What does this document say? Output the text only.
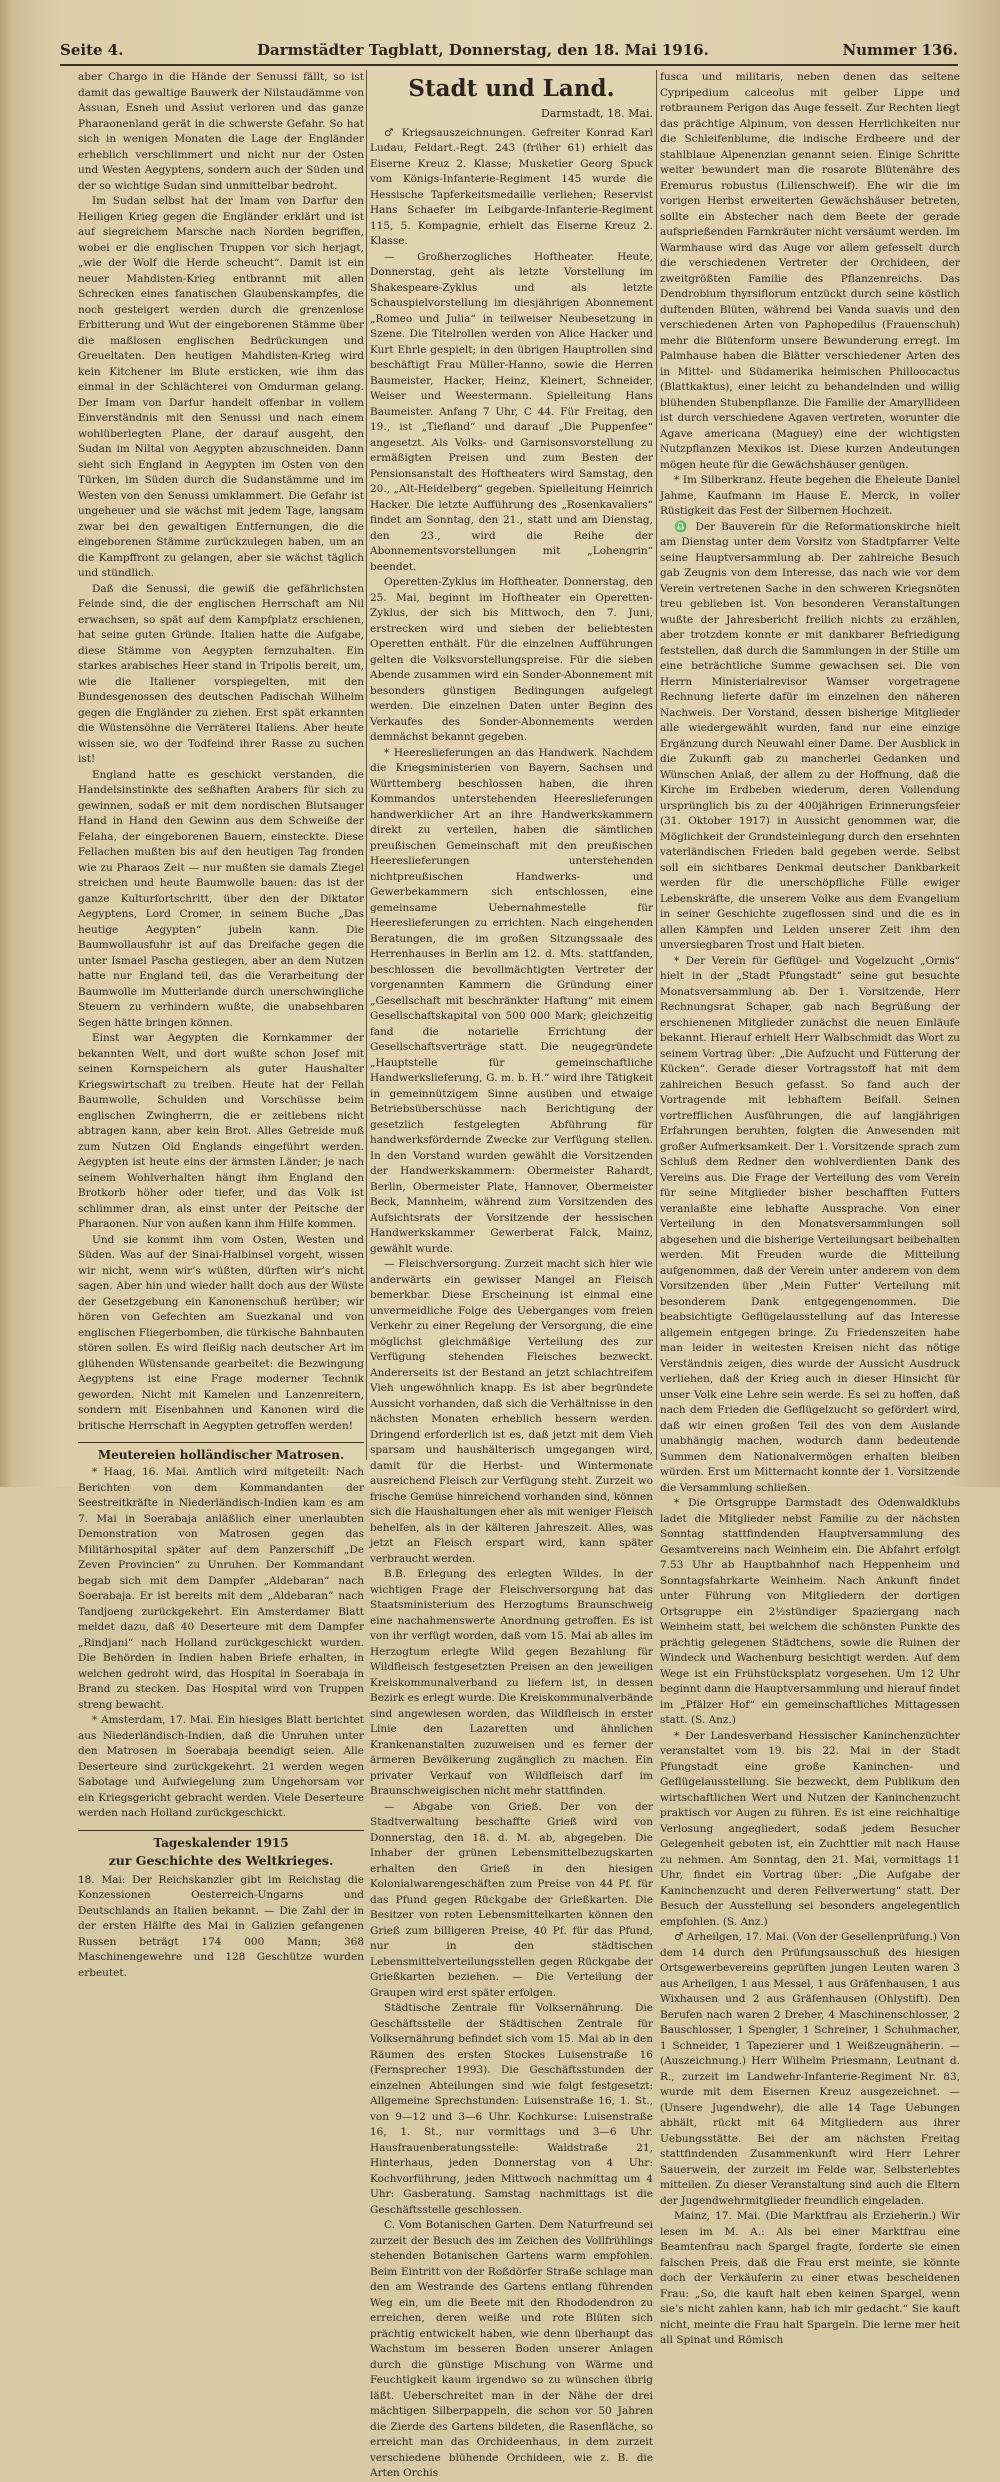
Seite 4.	Darmstädter Tagblatt, Donnerstag, den 18. Mai 1916.	Nummer 136.

aber Chargo in die Hände der Senussi fällt, so ist damit das gewaltige Bauwerk der Nilstaudämme von Assuan, Esneh und Assiut verloren und das ganze Pharaonenland gerät in die schwerste Gefahr. So hat sich in wenigen Monaten die Lage der Engländer erheblich verschlimmert und nicht nur der Osten und Westen Aegyptens, sondern auch der Süden und der so wichtige Sudan sind unmittelbar bedroht.

Im Sudan selbst hat der Imam von Darfur den Heiligen Krieg gegen die Engländer erklärt und ist auf siegreichem Marsche nach Norden begriffen, wobei er die englischen Truppen vor sich herjagt, „wie der Wolf die Herde scheucht“. Damit ist ein neuer Mahdisten-Krieg entbrannt mit allen Schrecken eines fanatischen Glaubenskampfes, die noch gesteigert werden durch die grenzenlose Erbitterung und Wut der eingeborenen Stämme über die maßlosen englischen Bedrückungen und Greueltaten. Den heutigen Mahdisten-Krieg wird kein Kitchener im Blute ersticken, wie ihm das einmal in der Schlächterei von Omdurman gelang. Der Imam von Darfur handelt offenbar in vollem Einverständnis mit den Senussi und nach einem wohlüberlegten Plane, der darauf ausgeht, den Sudan im Niltal von Aegypten abzuschneiden. Dann sieht sich England in Aegypten im Osten von den Türken, im Süden durch die Sudanstämme und im Westen von den Senussi umklammert. Die Gefahr ist ungeheuer und sie wächst mit jedem Tage, langsam zwar bei den gewaltigen Entfernungen, die die eingeborenen Stämme zurückzulegen haben, um an die Kampffront zu gelangen, aber sie wächst täglich und stündlich.

Daß die Senussi, die gewiß die gefährlichsten Feinde sind, die der englischen Herrschaft am Nil erwachsen, so spät auf dem Kampfplatz erschienen, hat seine guten Gründe. Italien hatte die Aufgabe, diese Stämme von Aegypten fernzuhalten. Ein starkes arabisches Heer stand in Tripolis bereit, um, wie die Italiener vorspiegelten, mit den Bundesgenossen des deutschen Padischah Wilhelm gegen die Engländer zu ziehen. Erst spät erkannten die Wüstensöhne die Verräterei Italiens. Aber heute wissen sie, wo der Todfeind ihrer Rasse zu suchen ist!

England hatte es geschickt verstanden, die Handelsinstinkte des seßhaften Arabers für sich zu gewinnen, sodaß er mit dem nordischen Blutsauger Hand in Hand den Gewinn aus dem Schweiße der Felaha, der eingeborenen Bauern, einsteckte. Diese Fellachen mußten bis auf den heutigen Tag fronden wie zu Pharaos Zeit — nur mußten sie damals Ziegel streichen und heute Baumwolle bauen: das ist der ganze Kulturfortschritt, über den der Diktator Aegyptens, Lord Cromer, in seinem Buche „Das heutige Aegypten“ jubeln kann. Die Baumwollausfuhr ist auf das Dreifache gegen die unter Ismael Pascha gestiegen, aber an dem Nutzen hatte nur England teil, das die Verarbeitung der Baumwolle im Mutterlande durch unerschwingliche Steuern zu verhindern wußte, die unabsehbaren Segen hätte bringen können.

Einst war Aegypten die Kornkammer der bekannten Welt, und dort wußte schon Josef mit seinen Kornspeichern als guter Haushalter Kriegswirtschaft zu treiben. Heute hat der Fellah Baumwolle, Schulden und Vorschüsse beim englischen Zwingherrn, die er zeitlebens nicht abtragen kann, aber kein Brot. Alles Getreide muß zum Nutzen Old Englands eingeführt werden. Aegypten ist heute eins der ärmsten Länder; je nach seinem Wohlverhalten hängt ihm England den Brotkorb höher oder tiefer, und das Volk ist schlimmer dran, als einst unter der Peitsche der Pharaonen. Nur von außen kann ihm Hilfe kommen.

Und sie kommt ihm vom Osten, Westen und Süden. Was auf der Sinai-Halbinsel vorgeht, wissen wir nicht, wenn wir’s wüßten, dürften wir’s nicht sagen. Aber hin und wieder hallt doch aus der Wüste der Gesetzgebung ein Kanonenschuß herüber; wir hören von Gefechten am Suezkanal und von englischen Fliegerbomben, die türkische Bahnbauten stören sollen. Es wird fleißig nach deutscher Art im glühenden Wüstensande gearbeitet: die Bezwingung Aegyptens ist eine Frage moderner Technik geworden. Nicht mit Kamelen und Lanzenreitern, sondern mit Eisenbahnen und Kanonen wird die britische Herrschaft in Aegypten getroffen werden!

Meutereien holländischer Matrosen.

* Haag, 16. Mai. Amtlich wird mitgeteilt: Nach Berichten von dem Kommandanten der Seestreitkräfte in Niederländisch-Indien kam es am 7. Mai in Soerabaja anläßlich einer unerlaubten Demonstration von Matrosen gegen das Militärhospital später auf dem Panzerschiff „De Zeven Provincien“ zu Unruhen. Der Kommandant begab sich mit dem Dampfer „Aldebaran“ nach Soerabaja. Er ist bereits mit dem „Aldebaran“ nach Tandjoeng zurückgekehrt. Ein Amsterdamer Blatt meldet dazu, daß 40 Deserteure mit dem Dampfer „Rindjani“ nach Holland zurückgeschickt wurden. Die Behörden in Indien haben Briefe erhalten, in welchen gedroht wird, das Hospital in Soerabaja in Brand zu stecken. Das Hospital wird von Truppen streng bewacht.

* Amsterdam, 17. Mai. Ein hiesiges Blatt berichtet aus Niederländisch-Indien, daß die Unruhen unter den Matrosen in Soerabaja beendigt seien. Alle Deserteure sind zurückgekehrt. 21 werden wegen Sabotage und Aufwiegelung zum Ungehorsam vor ein Kriegsgericht gebracht werden. Viele Deserteure werden nach Holland zurückgeschickt.

Tageskalender 1915
zur Geschichte des Weltkrieges.

18. Mai: Der Reichskanzler gibt im Reichstag die Konzessionen Oesterreich-Ungarns und Deutschlands an Italien bekannt. — Die Zahl der in der ersten Hälfte des Mai in Galizien gefangenen Russen beträgt 174 000 Mann; 368 Maschinengewehre und 128 Geschütze wurden erbeutet.

Stadt und Land.
Darmstadt, 18. Mai.

♂ Kriegsauszeichnungen. Gefreiter Konrad Karl Ludau, Feldart.-Regt. 243 (früher 61) erhielt das Eiserne Kreuz 2. Klasse; Musketier Georg Spuck vom Königs-Infanterie-Regiment 145 wurde die Hessische Tapferkeitsmedaille verliehen; Reservist Hans Schaefer im Leibgarde-Infanterie-Regiment 115, 5. Kompagnie, erhielt das Eiserne Kreuz 2. Klasse.

— Großherzogliches Hoftheater. Heute, Donnerstag, geht als letzte Vorstellung im Shakespeare-Zyklus und als letzte Schauspielvorstellung im diesjährigen Abonnement „Romeo und Julia“ in teilweiser Neubesetzung in Szene. Die Titelrollen werden von Alice Hacker und Kurt Ehrle gespielt; in den übrigen Hauptrollen sind beschäftigt Frau Müller-Hanno, sowie die Herren Baumeister, Hacker, Heinz, Kleinert, Schneider, Weiser und Weestermann. Spielleitung Hans Baumeister. Anfang 7 Uhr, C 44. Für Freitag, den 19., ist „Tiefland“ und darauf „Die Puppenfee“ angesetzt. Als Volks- und Garnisonsvorstellung zu ermäßigten Preisen und zum Besten der Pensionsanstalt des Hoftheaters wird Samstag, den 20., „Alt-Heidelberg“ gegeben. Spielleitung Heinrich Hacker. Die letzte Aufführung des „Rosenkavaliers“ findet am Sonntag, den 21., statt und am Dienstag, den 23., wird die Reihe der Abonnementsvorstellungen mit „Lohengrin“ beendet.

Operetten-Zyklus im Hoftheater. Donnerstag, den 25. Mai, beginnt im Hoftheater ein Operetten-Zyklus, der sich bis Mittwoch, den 7. Juni, erstrecken wird und sieben der beliebtesten Operetten enthält. Für die einzelnen Aufführungen gelten die Volksvorstellungspreise. Für die sieben Abende zusammen wird ein Sonder-Abonnement mit besonders günstigen Bedingungen aufgelegt werden. Die einzelnen Daten unter Beginn des Verkaufes des Sonder-Abonnements werden demnächst bekannt gegeben.

* Heereslieferungen an das Handwerk. Nachdem die Kriegsministerien von Bayern, Sachsen und Württemberg beschlossen haben, die ihren Kommandos unterstehenden Heereslieferungen handwerklicher Art an ihre Handwerkskammern direkt zu verteilen, haben die sämtlichen preußischen Gemeinschaft mit den preußischen Heereslieferungen unterstehenden nichtpreußischen Handwerks- und Gewerbekammern sich entschlossen, eine gemeinsame Uebernahmestelle für Heereslieferungen zu errichten. Nach eingehenden Beratungen, die im großen Sitzungssaale des Herrenhauses in Berlin am 12. d. Mts. stattfanden, beschlossen die bevollmächtigten Vertreter der vorgenannten Kammern die Gründung einer „Gesellschaft mit beschränkter Haftung“ mit einem Gesellschaftskapital von 500 000 Mark; gleichzeitig fand die notarielle Errichtung der Gesellschaftsverträge statt. Die neugegründete „Hauptstelle für gemeinschaftliche Handwerkslieferung, G. m. b. H.“ wird ihre Tätigkeit in gemeinnützigem Sinne ausüben und etwaige Betriebsüberschüsse nach Berichtigung der gesetzlich festgelegten Abführung für handwerksfördernde Zwecke zur Verfügung stellen. In den Vorstand wurden gewählt die Vorsitzenden der Handwerkskammern: Obermeister Rahardt, Berlin, Obermeister Plate, Hannover, Obermeister Beck, Mannheim, während zum Vorsitzenden des Aufsichtsrats der Vorsitzende der hessischen Handwerkskammer Gewerberat Falck, Mainz, gewählt wurde.

— Fleischversorgung. Zurzeit macht sich hier wie anderwärts ein gewisser Mangel an Fleisch bemerkbar. Diese Erscheinung ist einmal eine unvermeidliche Folge des Ueberganges vom freien Verkehr zu einer Regelung der Versorgung, die eine möglichst gleichmäßige Verteilung des zur Verfügung stehenden Fleisches bezweckt. Andererseits ist der Bestand an jetzt schlachtreifem Vieh ungewöhnlich knapp. Es ist aber begründete Aussicht vorhanden, daß sich die Verhältnisse in den nächsten Monaten erheblich bessern werden. Dringend erforderlich ist es, daß jetzt mit dem Vieh sparsam und haushälterisch umgegangen wird, damit für die Herbst- und Wintermonate ausreichend Fleisch zur Verfügung steht. Zurzeit wo frische Gemüse hinreichend vorhanden sind, können sich die Haushaltungen eher als mit weniger Fleisch behelfen, als in der kälteren Jahreszeit. Alles, was jetzt an Fleisch erspart wird, kann später verbraucht werden.

B.B. Erlegung des erlegten Wildes. In der wichtigen Frage der Fleischversorgung hat das Staatsministerium des Herzogtums Braunschweig eine nachahmenswerte Anordnung getroffen. Es ist von ihr verfügt worden, daß vom 15. Mai ab alles im Herzogtum erlegte Wild gegen Bezahlung für Wildfleisch festgesetzten Preisen an den jeweiligen Kreiskommunalverband zu liefern ist, in dessen Bezirk es erlegt wurde. Die Kreiskommunalverbände sind angewiesen worden, das Wildfleisch in erster Linie den Lazaretten und ähnlichen Krankenanstalten zuzuweisen und es ferner der ärmeren Bevölkerung zugänglich zu machen. Ein privater Verkauf von Wildfleisch darf im Braunschweigischen nicht mehr stattfinden.

— Abgabe von Grieß. Der von der Stadtverwaltung beschaffte Grieß wird von Donnerstag, den 18. d. M. ab, abgegeben. Die Inhaber der grünen Lebensmittelbezugskarten erhalten den Grieß in den hiesigen Kolonialwarengeschäften zum Preise von 44 Pf. für das Pfund gegen Rückgabe der Grießkarten. Die Besitzer von roten Lebensmittelkarten können den Grieß zum billigeren Preise, 40 Pf. für das Pfund, nur in den städtischen Lebensmittelverteilungsstellen gegen Rückgabe der Grießkarten beziehen. — Die Verteilung der Graupen wird erst später erfolgen.

Städtische Zentrale für Volksernährung. Die Geschäftsstelle der Städtischen Zentrale für Volksernährung befindet sich vom 15. Mai ab in den Räumen des ersten Stockes Luisenstraße 16 (Fernsprecher 1993). Die Geschäftsstunden der einzelnen Abteilungen sind wie folgt festgesetzt: Allgemeine Sprechstunden: Luisenstraße 16, 1. St., von 9—12 und 3—6 Uhr. Kochkurse: Luisenstraße 16, 1. St., nur vormittags und 3—6 Uhr. Hausfrauenberatungsstelle: Waldstraße 21, Hinterhaus, jeden Donnerstag von 4 Uhr: Kochvorführung, jeden Mittwoch nachmittag um 4 Uhr: Gasberatung. Samstag nachmittags ist die Geschäftsstelle geschlossen.

C. Vom Botanischen Garten. Dem Naturfreund sei zurzeit der Besuch des im Zeichen des Vollfrühlings stehenden Botanischen Gartens warm empfohlen. Beim Eintritt von der Roßdörfer Straße schlage man den am Westrande des Gartens entlang führenden Weg ein, um die Beete mit den Rhododendron zu erreichen, deren weiße und rote Blüten sich prächtig entwickelt haben, wie denn überhaupt das Wachstum im besseren Boden unserer Anlagen durch die günstige Mischung von Wärme und Feuchtigkeit kaum irgendwo so zu wünschen übrig läßt. Ueberschreitet man in der Nähe der drei mächtigen Silberpappeln, die schon vor 50 Jahren die Zierde des Gartens bildeten, die Rasenfläche, so erreicht man das Orchideenhaus, in dem zurzeit verschiedene blühende Orchideen, wie z. B. die Arten Orchis

fusca und militaris, neben denen das seltene Cypripedium calceolus mit gelber Lippe und rotbraunem Perigon das Auge fesselt. Zur Rechten liegt das prächtige Alpinum, von dessen Herrlichkeiten nur die Schleifenblume, die indische Erdbeere und der stahlblaue Alpenenzian genannt seien. Einige Schritte weiter bewundert man die rosarote Blütenähre des Eremurus robustus (Lilienschweif). Ehe wir die im vorigen Herbst erweiterten Gewächshäuser betreten, sollte ein Abstecher nach dem Beete der gerade aufsprießenden Farnkräuter nicht versäumt werden. Im Warmhause wird das Auge vor allem gefesselt durch die verschiedenen Vertreter der Orchideen, der zweitgrößten Familie des Pflanzenreichs. Das Dendrobium thyrsiflorum entzückt durch seine köstlich duftenden Blüten, während bei Vanda suavis und den verschiedenen Arten von Paphopedilus (Frauenschuh) mehr die Blütenform unsere Bewunderung erregt. Im Palmhause haben die Blätter verschiedener Arten des in Mittel- und Südamerika heimischen Philloocactus (Blattkaktus), einer leicht zu behandelnden und willig blühenden Stubenpflanze. Die Familie der Amaryllideen ist durch verschiedene Agaven vertreten, worunter die Agave americana (Maguey) eine der wichtigsten Nutzpflanzen Mexikos ist. Diese kurzen Andeutungen mögen heute für die Gewächshäuser genügen.

* Im Silberkranz. Heute begehen die Eheleute Daniel Jahme, Kaufmann im Hause E. Merck, in voller Rüstigkeit das Fest der Silbernen Hochzeit.

♎ Der Bauverein für die Reformationskirche hielt am Dienstag unter dem Vorsitz von Stadtpfarrer Velte seine Hauptversammlung ab. Der zahlreiche Besuch gab Zeugnis von dem Interesse, das nach wie vor dem Verein vertretenen Sache in den schweren Kriegsnöten treu geblieben ist. Von besonderen Veranstaltungen wußte der Jahresbericht freilich nichts zu erzählen, aber trotzdem konnte er mit dankbarer Befriedigung feststellen, daß durch die Sammlungen in der Stille um eine beträchtliche Summe gewachsen sei. Die von Herrn Ministerialrevisor Wamser vorgetragene Rechnung lieferte dafür im einzelnen den näheren Nachweis. Der Vorstand, dessen bisherige Mitglieder alle wiedergewählt wurden, fand nur eine einzige Ergänzung durch Neuwahl einer Dame. Der Ausblick in die Zukunft gab zu mancherlei Gedanken und Wünschen Anlaß, der allem zu der Hoffnung, daß die Kirche im Erdbeben wiederum, deren Vollendung ursprünglich bis zu der 400jährigen Erinnerungsfeier (31. Oktober 1917) in Aussicht genommen war, die Möglichkeit der Grundsteinlegung durch den ersehnten vaterländischen Frieden bald gegeben werde. Selbst soll ein sichtbares Denkmal deutscher Dankbarkeit werden für die unerschöpfliche Fülle ewiger Lebenskräfte, die unserem Volke aus dem Evangelium in seiner Geschichte zugeflossen sind und die es in allen Kämpfen und Leiden unserer Zeit ihm den unversiegbaren Trost und Halt bieten.

* Der Verein für Geflügel- und Vogelzucht „Ornis“ hielt in der „Stadt Pfungstadt“ seine gut besuchte Monatsversammlung ab. Der 1. Vorsitzende, Herr Rechnungsrat Schaper, gab nach Begrüßung der erschienenen Mitglieder zunächst die neuen Einläufe bekannt. Hierauf erhielt Herr Walbschmidt das Wort zu seinem Vortrag über: „Die Aufzucht und Fütterung der Kücken“. Gerade dieser Vortragsstoff hat mit dem zahlreichen Besuch gefasst. So fand auch der Vortragende mit lebhaftem Beifall. Seinen vortrefflichen Ausführungen, die auf langjährigen Erfahrungen beruhten, folgten die Anwesenden mit großer Aufmerksamkeit. Der 1. Vorsitzende sprach zum Schluß dem Redner den wohlverdienten Dank des Vereins aus. Die Frage der Verteilung des vom Verein für seine Mitglieder bisher beschafften Futters veranlaßte eine lebhafte Aussprache. Von einer Verteilung in den Monatsversammlungen soll abgesehen und die bisherige Verteilungsart beibehalten werden. Mit Freuden wurde die Mitteilung aufgenommen, daß der Verein unter anderem von dem Vorsitzenden über ‚Mein Futter‘ Verteilung mit besonderem Dank entgegengenommen. Die beabsichtigte Geflügelausstellung auf das Interesse allgemein entgegen bringe. Zu Friedenszeiten habe man leider in weitesten Kreisen nicht das nötige Verständnis zeigen, dies wurde der Aussicht Ausdruck verliehen, daß der Krieg auch in dieser Hinsicht für unser Volk eine Lehre sein werde. Es sei zu hoffen, daß nach dem Frieden die Geflügelzucht so gefördert wird, daß wir einen großen Teil des von dem Auslande unabhängig machen, wodurch dann bedeutende Summen dem Nationalvermögen erhalten bleiben würden. Erst um Mitternacht konnte der 1. Vorsitzende die Versammlung schließen.

* Die Ortsgruppe Darmstadt des Odenwaldklubs ladet die Mitglieder nebst Familie zu der nächsten Sonntag stattfindenden Hauptversammlung des Gesamtvereins nach Weinheim ein. Die Abfahrt erfolgt 7.53 Uhr ab Hauptbahnhof nach Heppenheim und Sonntagsfahrkarte Weinheim. Nach Ankunft findet unter Führung von Mitgliedern der dortigen Ortsgruppe ein 2½stündiger Spaziergang nach Weinheim statt, bei welchem die schönsten Punkte des prächtig gelegenen Städtchens, sowie die Ruinen der Windeck und Wachenburg besichtigt werden. Auf dem Wege ist ein Frühstücksplatz vorgesehen. Um 12 Uhr beginnt dann die Hauptversammlung und hierauf findet im „Pfälzer Hof“ ein gemeinschaftliches Mittagessen statt. (S. Anz.)

* Der Landesverband Hessischer Kaninchenzüchter veranstaltet vom 19. bis 22. Mai in der Stadt Pfungstadt eine große Kaninchen- und Geflügelausstellung. Sie bezweckt, dem Publikum den wirtschaftlichen Wert und Nutzen der Kaninchenzucht praktisch vor Augen zu führen. Es ist eine reichhaltige Verlosung angegliedert, sodaß jedem Besucher Gelegenheit geboten ist, ein Zuchttier mit nach Hause zu nehmen. Am Sonntag, den 21. Mai, vormittags 11 Uhr, findet ein Vortrag über: „Die Aufgabe der Kaninchenzucht und deren Fellverwertung“ statt. Der Besuch der Ausstellung sei besonders angelegentlich empfohlen. (S. Anz.)

♂ Arheilgen, 17. Mai. (Von der Gesellenprüfung.) Von dem 14 durch den Prüfungsausschuß des hiesigen Ortsgewerbevereins geprüften jungen Leuten waren 3 aus Arheilgen, 1 aus Messel, 1 aus Gräfenhausen, 1 aus Wixhausen und 2 aus Gräfenhausen (Ohlystift). Den Berufen nach waren 2 Dreher, 4 Maschinenschlosser, 2 Bauschlosser, 1 Spengler, 1 Schreiner, 1 Schuhmacher, 1 Schneider, 1 Tapezierer und 1 Weißzeugnäherin. — (Auszeichnung.) Herr Wilhelm Priesmann, Leutnant d. R., zurzeit im Landwehr-Infanterie-Regiment Nr. 83, wurde mit dem Eisernen Kreuz ausgezeichnet. — (Unsere Jugendwehr), die alle 14 Tage Uebungen abhält, rückt mit 64 Mitgliedern aus ihrer Uebungsstätte. Bei der am nächsten Freitag stattfindenden Zusammenkunft wird Herr Lehrer Sauerwein, der zurzeit im Felde war, Selbsterlebtes mitteilen. Zu dieser Veranstaltung sind auch die Eltern der Jugendwehrmitglieder freundlich eingeladen.

Mainz, 17. Mai. (Die Marktfrau als Erzieherin.) Wir lesen im M. A.: Als bei einer Marktfrau eine Beamtenfrau nach Spargel fragte, forderte sie einen falschen Preis, daß die Frau erst meinte, sie könnte doch der Verkäuferin zu einer etwas bescheidenen Frau: „So, die kauft halt eben keinen Spargel, wenn sie’s nicht zahlen kann, hab ich mir gedacht.“ Sie kauft nicht, meinte die Frau halt Spargeln. Die lerne mer heit all Spinat und Römisch
